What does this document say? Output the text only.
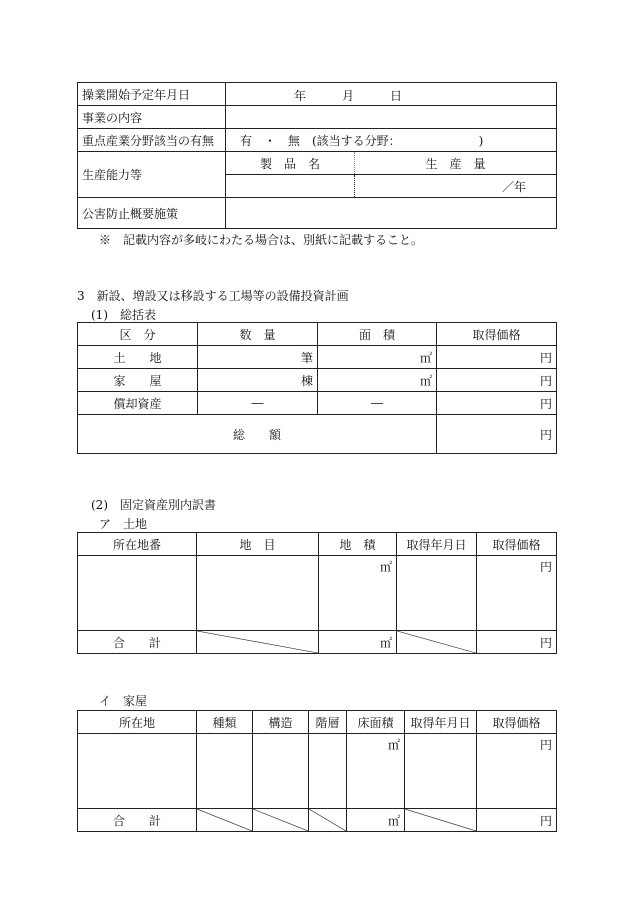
操業開始予定年月日	年 月 日	

事業の内容		
重点産業分野該当の有無	有　・　無　(該当する分野：　　　　　　　)	
生産能力等	製　品　名	生　産　量
		／年
公害防止概要施策		
※　記載内容が多岐にわたる場合は、別紙に記載すること。
3　新設、増設又は移設する工場等の設備投資計画
(1)　総括表
区　分	数　量	面　積	取得価格
土　　地	筆	㎡	円
家　　屋	棟	㎡	円
償却資産	―	―	円
総　　額			円
(2)　固定資産別内訳書
ア　土地
所在地番	地　目	地　積	取得年月日	取得価格
		㎡		円
合　　計		㎡		円
イ　家屋
所在地	種類	構造	階層	床面積	取得年月日	取得価格
				㎡		円
合　　計				㎡		円
